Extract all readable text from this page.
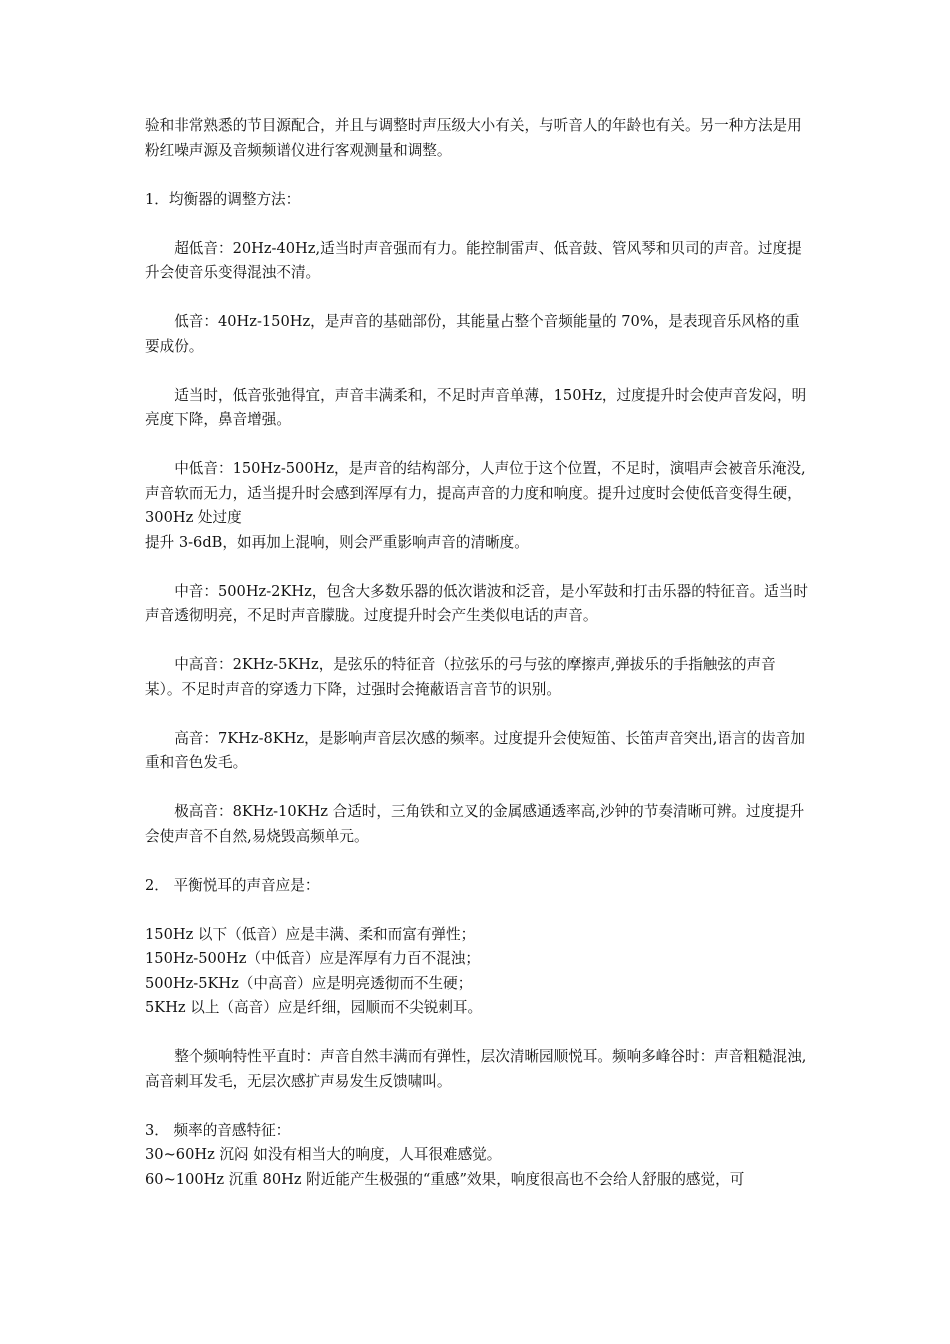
验和非常熟悉的节目源配合，并且与调整时声压级大小有关，与听音人的年龄也有关。另一种方法是用粉红噪声源及音频频谱仪进行客观测量和调整。

1．均衡器的调整方法：

超低音：20Hz-40Hz,适当时声音强而有力。能控制雷声、低音鼓、管风琴和贝司的声音。过度提升会使音乐变得混浊不清。

低音：40Hz-150Hz，是声音的基础部份，其能量占整个音频能量的 70%，是表现音乐风格的重要成份。

适当时，低音张弛得宜，声音丰满柔和，不足时声音单薄，150Hz，过度提升时会使声音发闷，明亮度下降，鼻音增强。

中低音：150Hz-500Hz，是声音的结构部分，人声位于这个位置，不足时，演唱声会被音乐淹没,声音软而无力，适当提升时会感到浑厚有力，提高声音的力度和响度。提升过度时会使低音变得生硬，300Hz 处过度
提升 3-6dB，如再加上混响，则会严重影响声音的清晰度。

中音：500Hz-2KHz，包含大多数乐器的低次谐波和泛音，是小军鼓和打击乐器的特征音。适当时声音透彻明亮，不足时声音朦胧。过度提升时会产生类似电话的声音。

中高音：2KHz-5KHz，是弦乐的特征音（拉弦乐的弓与弦的摩擦声,弹拔乐的手指触弦的声音某）。不足时声音的穿透力下降，过强时会掩蔽语言音节的识别。

高音：7KHz-8KHz，是影响声音层次感的频率。过度提升会使短笛、长笛声音突出,语言的齿音加重和音色发毛。

极高音：8KHz-10KHz 合适时，三角铁和立叉的金属感通透率高,沙钟的节奏清晰可辨。过度提升会使声音不自然,易烧毁高频单元。

2． 平衡悦耳的声音应是：

150Hz 以下（低音）应是丰满、柔和而富有弹性；
150Hz-500Hz（中低音）应是浑厚有力百不混浊；
500Hz-5KHz（中高音）应是明亮透彻而不生硬；
5KHz 以上（高音）应是纤细，园顺而不尖锐刺耳。

整个频响特性平直时：声音自然丰满而有弹性，层次清晰园顺悦耳。频响多峰谷时：声音粗糙混浊,高音刺耳发毛，无层次感扩声易发生反馈啸叫。

3． 频率的音感特征：
30~60Hz 沉闷 如没有相当大的响度，人耳很难感觉。
60~100Hz 沉重 80Hz 附近能产生极强的“重感”效果，响度很高也不会给人舒服的感觉，可
